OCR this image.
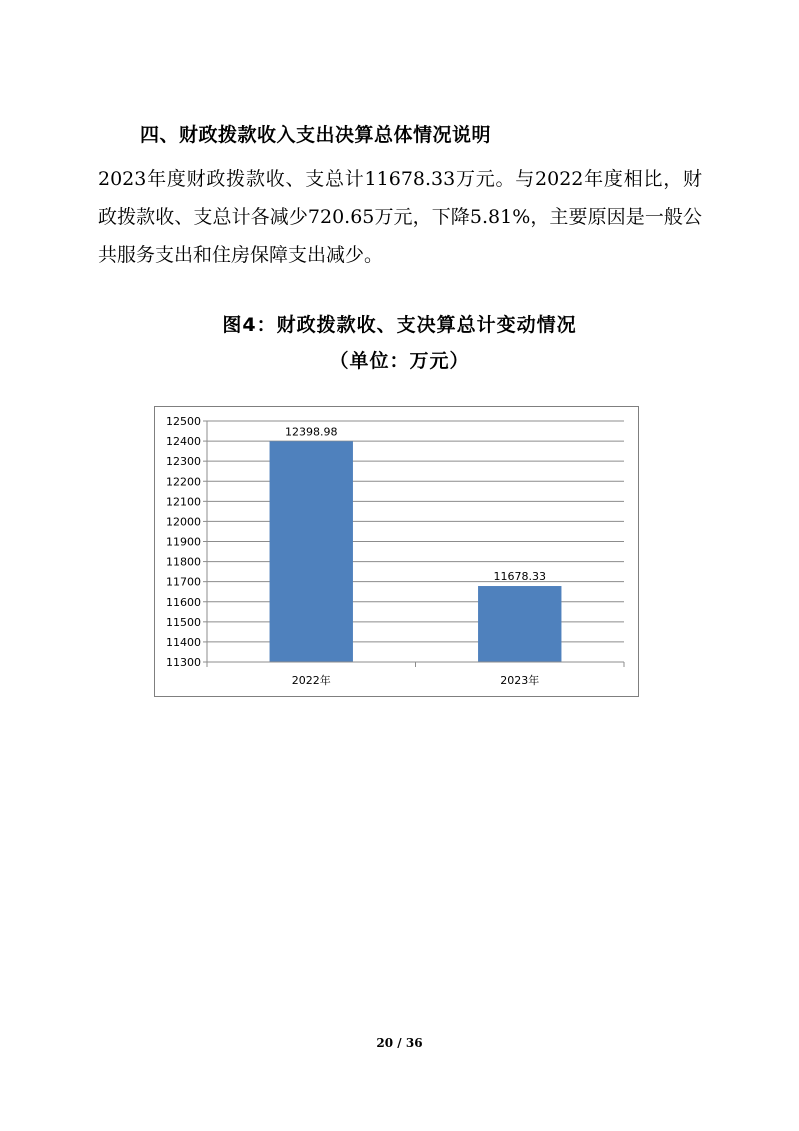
四、财政拨款收入支出决算总体情况说明

2023年度财政拨款收、支总计11678.33万元。与2022年度相比，财政拨款收、支总计各减少720.65万元，下降5.81%，主要原因是一般公共服务支出和住房保障支出减少。

图4：财政拨款收、支决算总计变动情况
（单位：万元）
11300
11400
11500
11600
11700
11800
11900
12000
12100
12200
12300
12400
12500
12398.98
2022年
11678.33
2023年
20 / 36
